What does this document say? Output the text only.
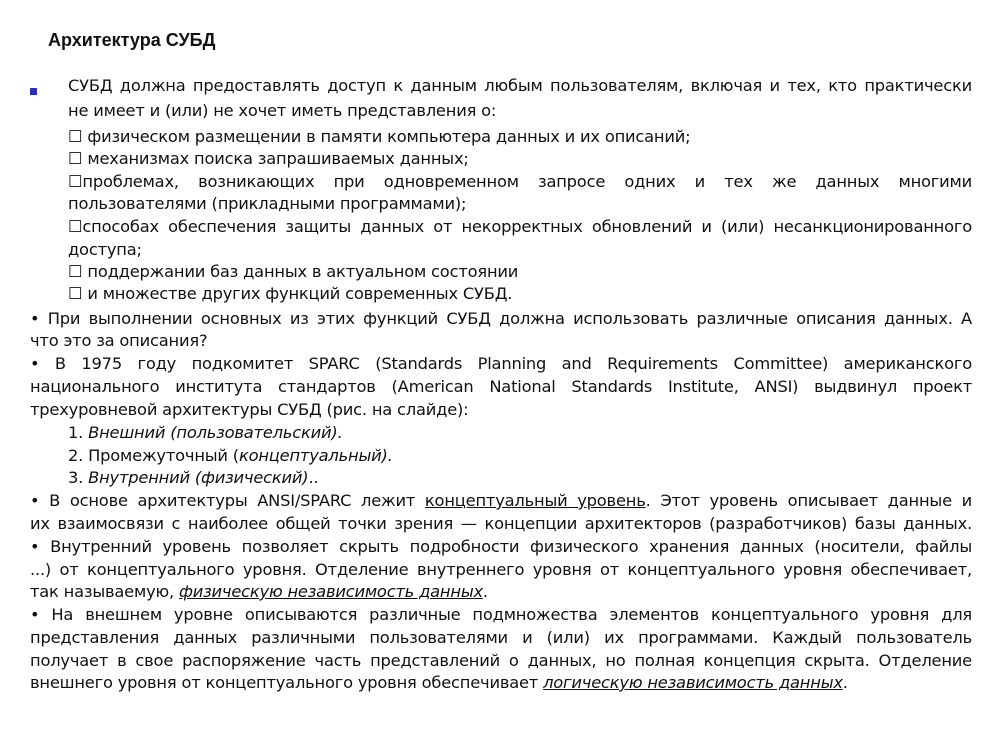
Архитектура СУБД
СУБД должна предоставлять доступ к данным любым пользователям, включая и тех, кто практически
не имеет и (или) не хочет иметь представления о:
☐ физическом размещении в памяти компьютера данных и их описаний;
☐ механизмах поиска запрашиваемых данных;
☐проблемах, возникающих при одновременном запросе одних и тех же данных многими
пользователями (прикладными программами);
☐способах обеспечения защиты данных от некорректных обновлений и (или) несанкционированного
доступа;
☐ поддержании баз данных в актуальном состоянии
☐ и множестве других функций современных СУБД.
• При выполнении основных из этих функций СУБД должна использовать различные описания данных. А
что это за описания?
• В 1975 году подкомитет SPARC (Standards Planning and Requirements Committee) американского
национального института стандартов (American National Standards Institute, ANSI) выдвинул проект
трехуровневой архитектуры СУБД (рис. на слайде):
1. Внешний (пользовательский).
2. Промежуточный (концептуальный).
3. Внутренний (физический)..
• В основе архитектуры ANSI/SPARC лежит концептуальный уровень. Этот уровень описывает данные и
их взаимосвязи с наиболее общей точки зрения — концепции архитекторов (разработчиков) базы данных.
• Внутренний уровень позволяет скрыть подробности физического хранения данных (носители, файлы
...) от концептуального уровня. Отделение внутреннего уровня от концептуального уровня обеспечивает,
так называемую, физическую независимость данных.
• На внешнем уровне описываются различные подмножества элементов концептуального уровня для
представления данных различными пользователями и (или) их программами. Каждый пользователь
получает в свое распоряжение часть представлений о данных, но полная концепция скрыта. Отделение
внешнего уровня от концептуального уровня обеспечивает логическую независимость данных.
